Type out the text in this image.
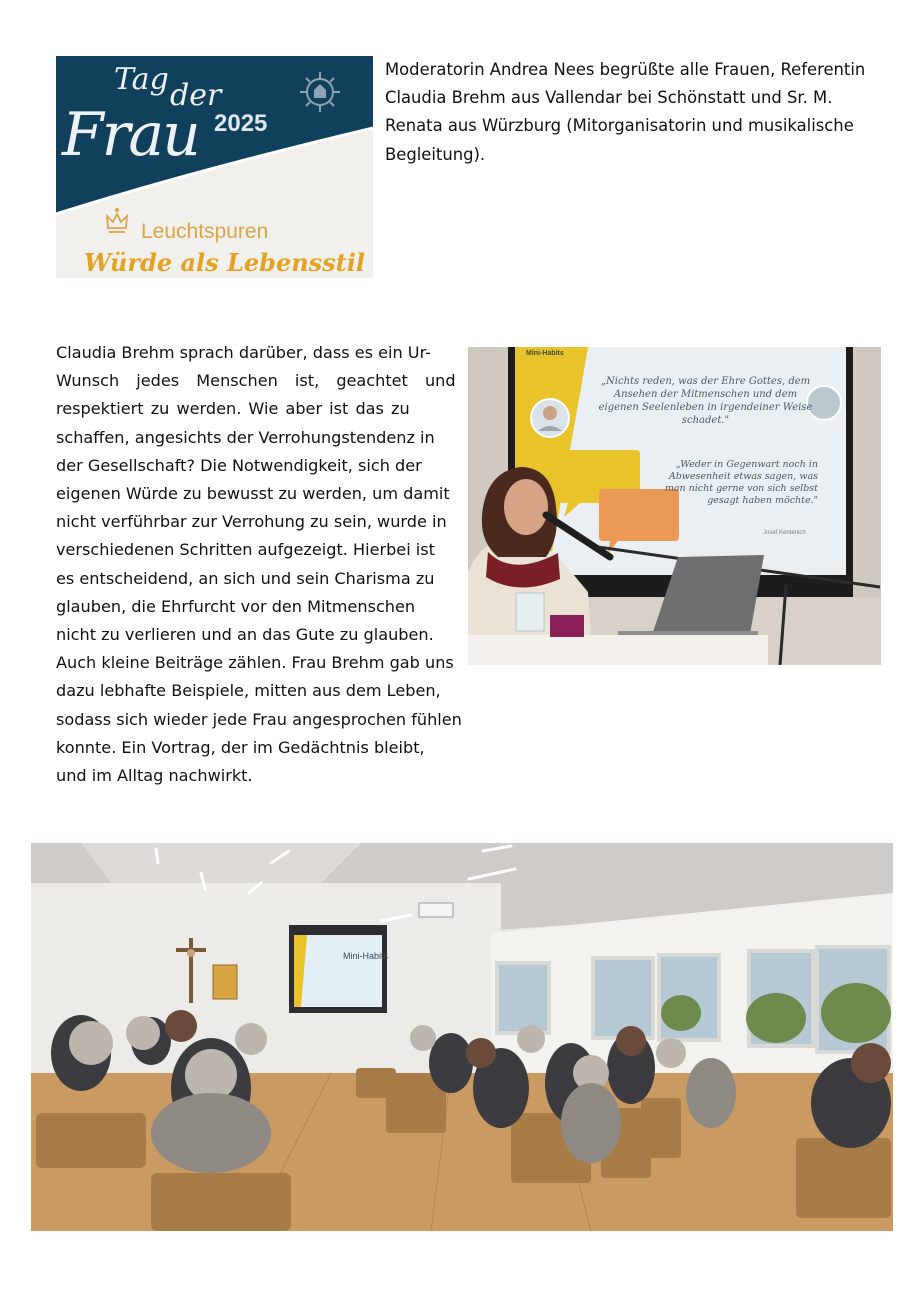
Tag der
Frau 2025
Leuchtspuren
Würde als Lebensstil

Moderatorin Andrea Nees begrüßte alle Frauen, Referentin Claudia Brehm aus Vallendar bei Schönstatt und Sr. M. Renata aus Würzburg (Mitorganisatorin und musikalische Begleitung).

Claudia Brehm sprach darüber, dass es ein Ur-
Wunsch jedes Menschen ist, geachtet und
respektiert zu werden. Wie aber ist das zu
schaffen, angesichts der Verrohungstendenz in
der Gesellschaft? Die Notwendigkeit, sich der
eigenen Würde zu bewusst zu werden, um damit
nicht verführbar zur Verrohung zu sein, wurde in
verschiedenen Schritten aufgezeigt. Hierbei ist
es entscheidend, an sich und sein Charisma zu
glauben, die Ehrfurcht vor den Mitmenschen
nicht zu verlieren und an das Gute zu glauben.
Auch kleine Beiträge zählen. Frau Brehm gab uns
dazu lebhafte Beispiele, mitten aus dem Leben,
sodass sich wieder jede Frau angesprochen fühlen
konnte. Ein Vortrag, der im Gedächtnis bleibt,
und im Alltag nachwirkt.

Mini-Habits
„Nichts reden, was der Ehre Gottes, dem Ansehen der Mitmenschen und dem eigenen Seelenleben in irgendeiner Weise schadet."
„Weder in Gegenwart noch in Abwesenheit etwas sagen, was man nicht gerne von sich selbst gesagt haben möchte."
Josef Kentenich
Mini-Habits
